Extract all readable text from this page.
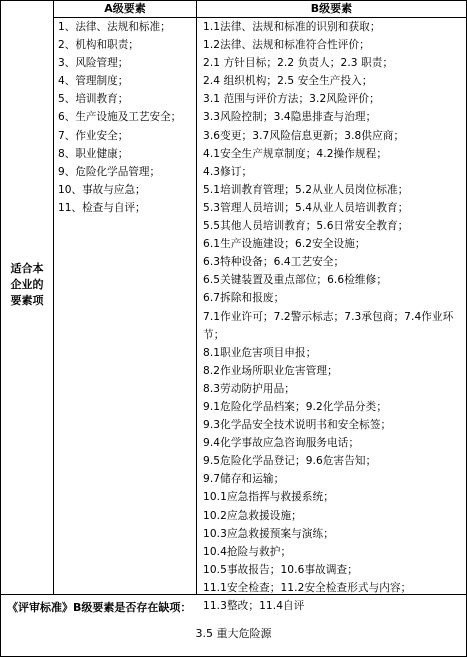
适合本企业的要素项
A级要素
1、法律、法规和标准；
2、机构和职责；
3、风险管理；
4、管理制度；
5、培训教育；
6、生产设施及工艺安全；
7、作业安全；
8、职业健康；
9、危险化学品管理；
10、事故与应急；
11、检查与自评；
B级要素
1.1法律、法规和标准的识别和获取；
1.2法律、法规和标准符合性评价；
2.1 方针目标；2.2 负责人；2.3 职责；
2.4 组织机构；2.5 安全生产投入；
3.1 范围与评价方法；3.2风险评价；
3.3风险控制；3.4隐患排查与治理；
3.6变更；3.7风险信息更新；3.8供应商；
4.1安全生产规章制度；4.2操作规程；
4.3修订；
5.1培训教育管理；5.2从业人员岗位标准；
5.3管理人员培训；5.4从业人员培训教育；
5.5其他人员培训教育；5.6日常安全教育；
6.1生产设施建设；6.2安全设施；
6.3特种设备；6.4工艺安全；
6.5关键装置及重点部位；6.6检维修；
6.7拆除和报废；
7.1作业许可；7.2警示标志；7.3承包商；7.4作业环节；
8.1职业危害项目申报；
8.2作业场所职业危害管理；
8.3劳动防护用品；
9.1危险化学品档案；9.2化学品分类；
9.3化学品安全技术说明书和安全标签；
9.4化学事故应急咨询服务电话；
9.5危险化学品登记；9.6危害告知；
9.7储存和运输；
10.1应急指挥与救援系统；
10.2应急救援设施；
10.3应急救援预案与演练；
10.4抢险与救护；
10.5事故报告；10.6事故调查；
11.1安全检查；11.2安全检查形式与内容；
11.3整改；11.4自评
《评审标准》B级要素是否存在缺项：
3.5 重大危险源
